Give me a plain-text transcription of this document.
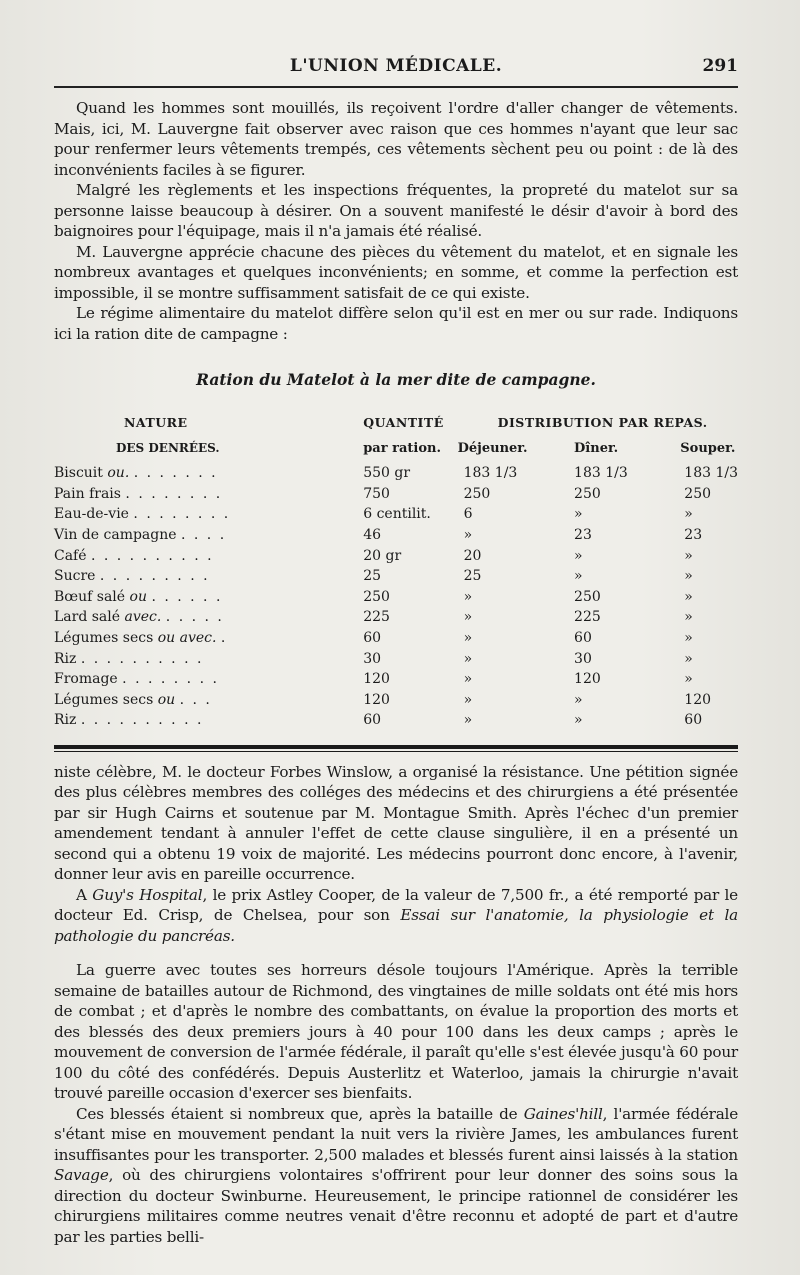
L'UNION MÉDICALE.	291

Quand les hommes sont mouillés, ils reçoivent l'ordre d'aller changer de vêtements. Mais, ici, M. Lauvergne fait observer avec raison que ces hommes n'ayant que leur sac pour renfermer leurs vêtements trempés, ces vêtements sèchent peu ou point : de là des inconvénients faciles à se figurer.

Malgré les règlements et les inspections fréquentes, la propreté du matelot sur sa personne laisse beaucoup à désirer. On a souvent manifesté le désir d'avoir à bord des baignoires pour l'équipage, mais il n'a jamais été réalisé.

M. Lauvergne apprécie chacune des pièces du vêtement du matelot, et en signale les nombreux avantages et quelques inconvénients; en somme, et comme la perfection est impossible, il se montre suffisamment satisfait de ce qui existe.

Le régime alimentaire du matelot diffère selon qu'il est en mer ou sur rade. Indiquons ici la ration dite de campagne :

Ration du Matelot à la mer dite de campagne.
NATURE	QUANTITÉ	DISTRIBUTION PAR REPAS.		
DES DENRÉES.	par ration.	Déjeuner.	Dîner.	Souper.
Biscuit ou. . . . . . . .	550 gr	183 1/3	183 1/3	183 1/3
Pain frais . . . . . . . .	750	250	250	250
Eau-de-vie . . . . . . . .	6 centilit.	6	»	»
Vin de campagne . . . .	46	»	23	23
Café . . . . . . . . . .	20 gr	20	»	»
Sucre . . . . . . . . .	25	25	»	»
Bœuf salé ou . . . . . .	250	»	250	»
Lard salé avec. . . . . .	225	»	225	»
Légumes secs ou avec. .	60	»	60	»
Riz . . . . . . . . . .	30	»	30	»
Fromage . . . . . . . .	120	»	120	»
Légumes secs ou . . .	120	»	»	120
Riz . . . . . . . . . .	60	»	»	60

niste célèbre, M. le docteur Forbes Winslow, a organisé la résistance. Une pétition signée des plus célèbres membres des colléges des médecins et des chirurgiens a été présentée par sir Hugh Cairns et soutenue par M. Montague Smith. Après l'échec d'un premier amendement tendant à annuler l'effet de cette clause singulière, il en a présenté un second qui a obtenu 19 voix de majorité. Les médecins pourront donc encore, à l'avenir, donner leur avis en pareille occurrence.

A Guy's Hospital, le prix Astley Cooper, de la valeur de 7,500 fr., a été remporté par le docteur Ed. Crisp, de Chelsea, pour son Essai sur l'anatomie, la physiologie et la pathologie du pancréas.

La guerre avec toutes ses horreurs désole toujours l'Amérique. Après la terrible semaine de batailles autour de Richmond, des vingtaines de mille soldats ont été mis hors de combat ; et d'après le nombre des combattants, on évalue la proportion des morts et des blessés des deux premiers jours à 40 pour 100 dans les deux camps ; après le mouvement de conversion de l'armée fédérale, il paraît qu'elle s'est élevée jusqu'à 60 pour 100 du côté des confédérés. Depuis Austerlitz et Waterloo, jamais la chirurgie n'avait trouvé pareille occasion d'exercer ses bienfaits.

Ces blessés étaient si nombreux que, après la bataille de Gaines'hill, l'armée fédérale s'étant mise en mouvement pendant la nuit vers la rivière James, les ambulances furent insuffisantes pour les transporter. 2,500 malades et blessés furent ainsi laissés à la station Savage, où des chirurgiens volontaires s'offrirent pour leur donner des soins sous la direction du docteur Swinburne. Heureusement, le principe rationnel de considérer les chirurgiens militaires comme neutres venait d'être reconnu et adopté de part et d'autre par les parties belli-
